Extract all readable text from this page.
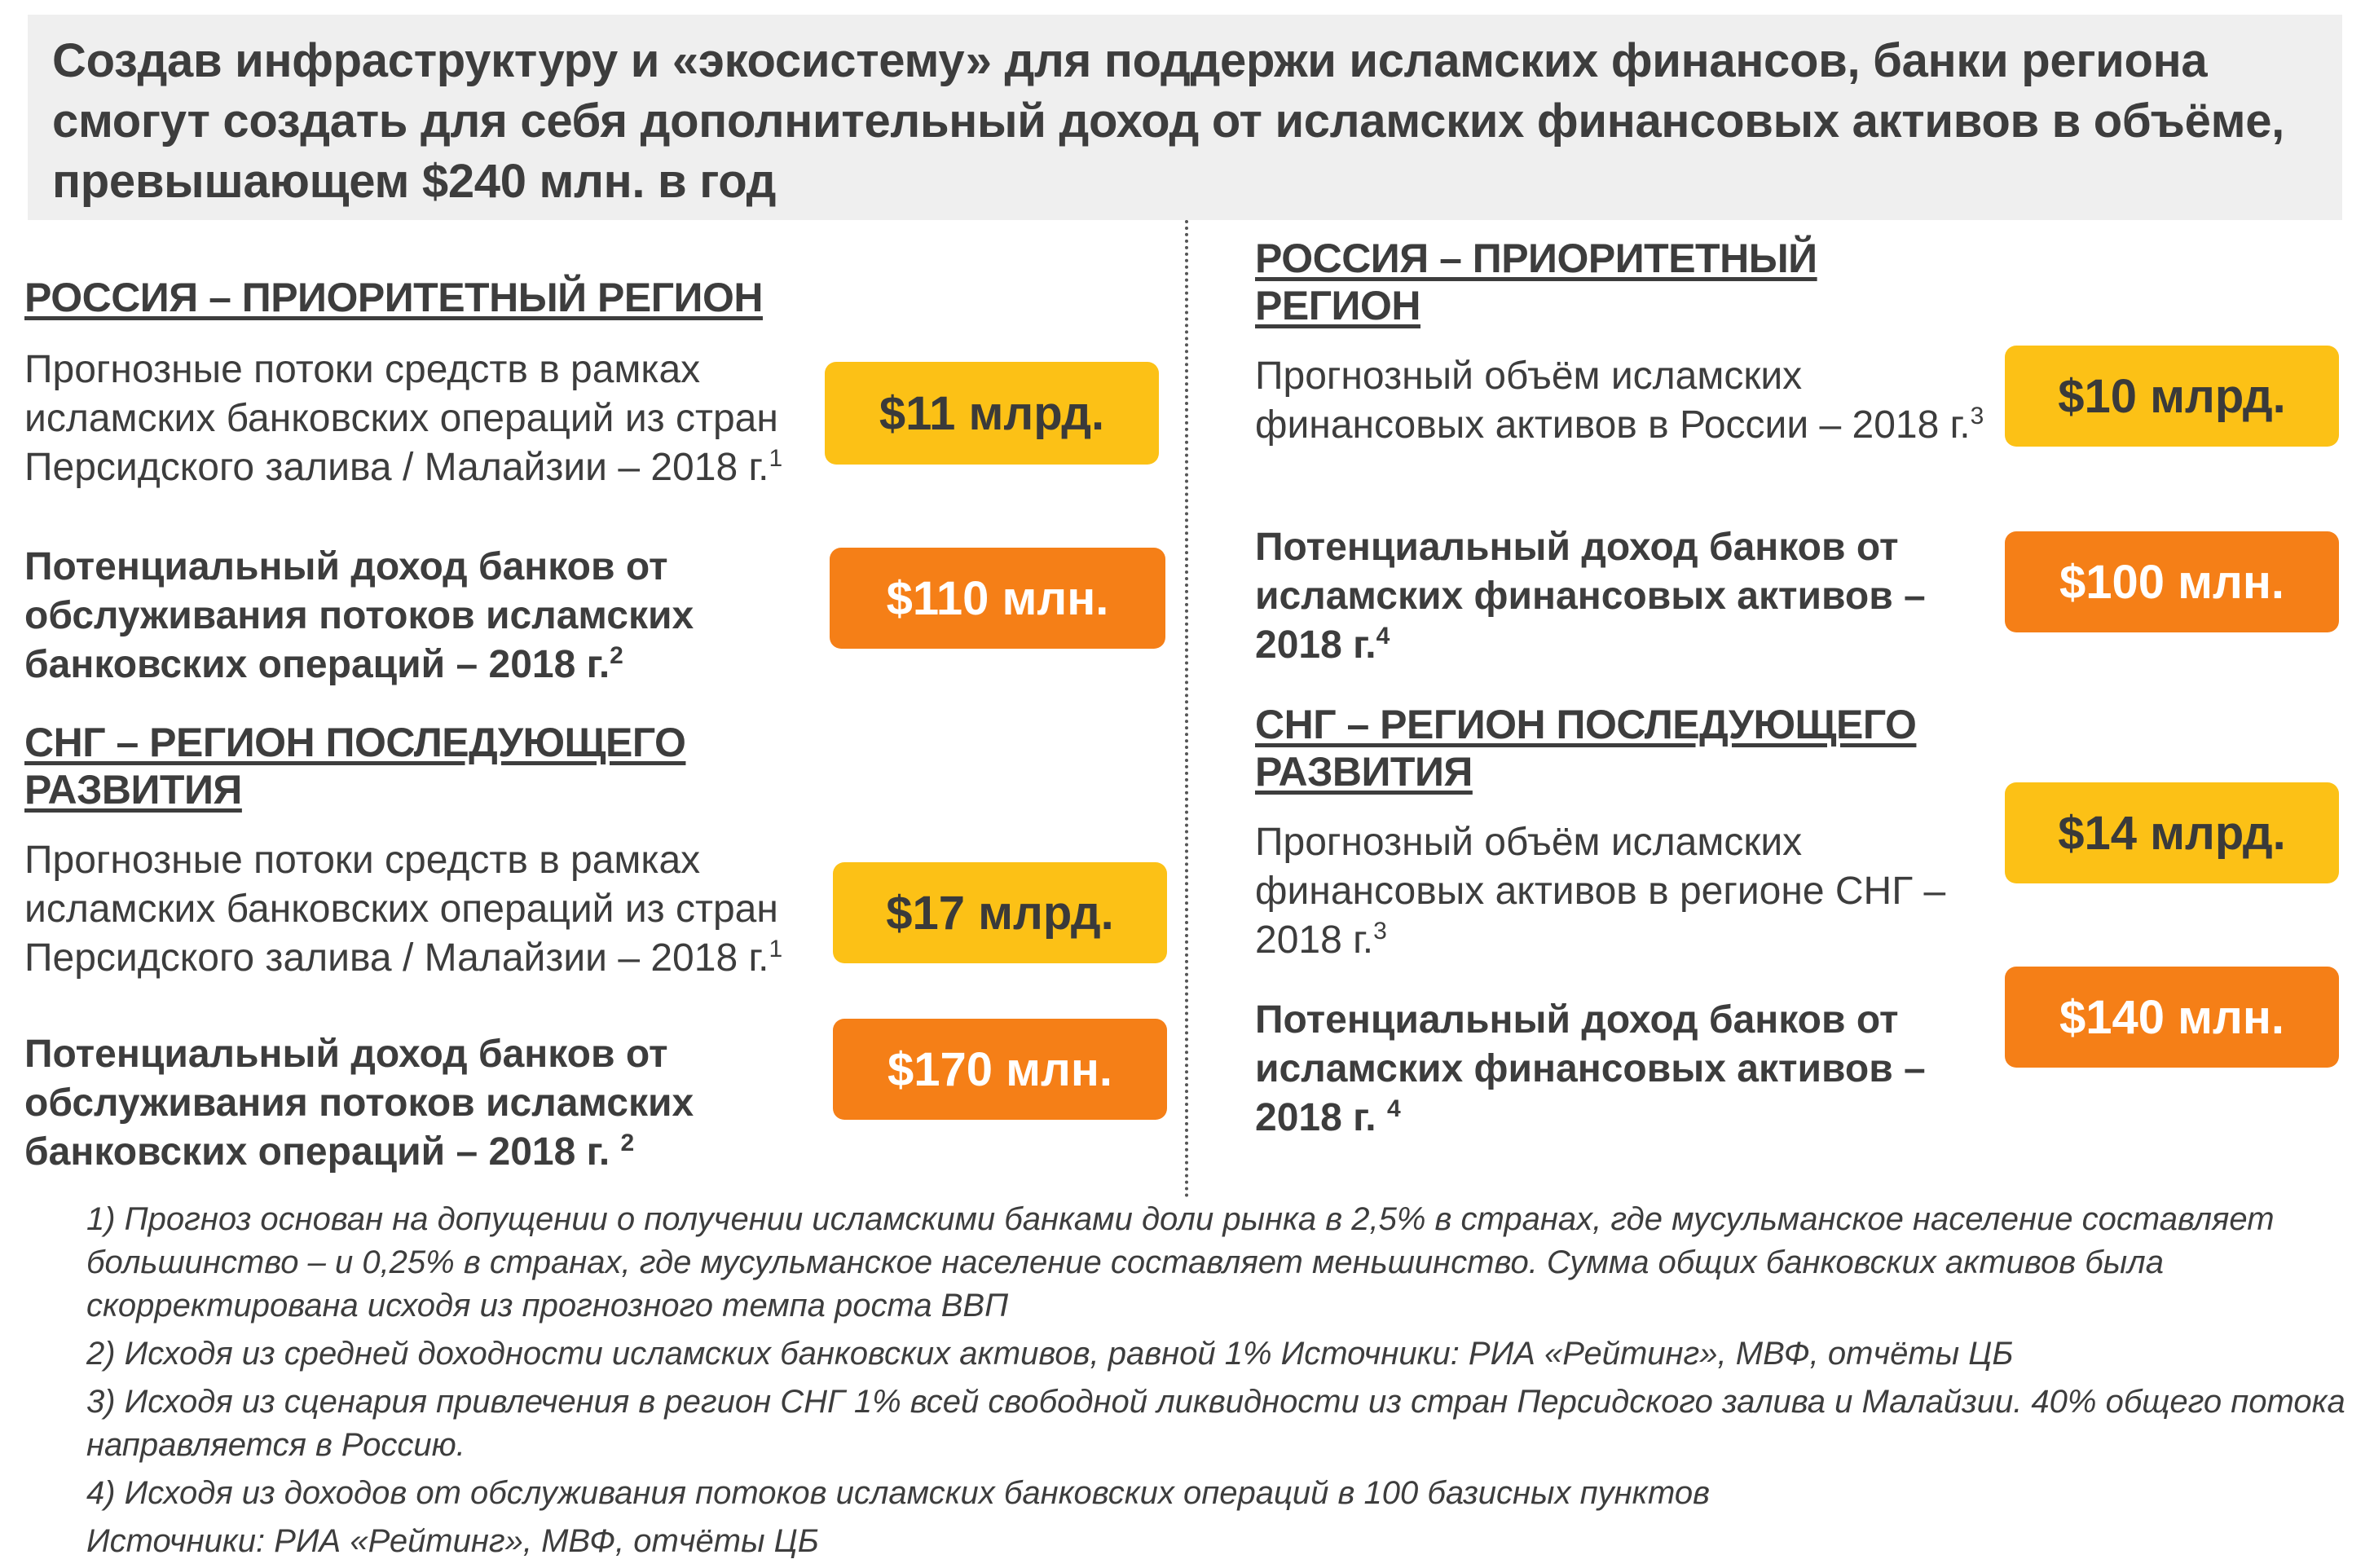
Создав инфраструктуру и «экосистему» для поддержи исламских финансов, банки региона смогут создать для себя дополнительный доход от исламских финансовых активов в объёме, превышающем $240 млн. в год

РОССИЯ – ПРИОРИТЕТНЫЙ РЕГИОН

Прогнозные потоки средств в рамках исламских банковских операций из стран Персидского залива / Малайзии – 2018 г.$^1$

$11 млрд.

Потенциальный доход банков от обслуживания потоков исламских банковских операций – 2018 г.$^2$

$110 млн.

СНГ – РЕГИОН ПОСЛЕДУЮЩЕГО РАЗВИТИЯ

Прогнозные потоки средств в рамках исламских банковских операций из стран Персидского залива / Малайзии – 2018 г.$^1$

$17 млрд.

Потенциальный доход банков от обслуживания потоков исламских банковских операций – 2018 г. $^2$

$170 млн.

РОССИЯ – ПРИОРИТЕТНЫЙ РЕГИОН

Прогнозный объём исламских финансовых активов в России – 2018 г.$^3$	$10 млрд.

Потенциальный доход банков от исламских финансовых активов – 2018 г.$^4$

$100 млн.

СНГ – РЕГИОН ПОСЛЕДУЮЩЕГО РАЗВИТИЯ

Прогнозный объём исламских финансовых активов в регионе СНГ – 2018 г.$^3$

$14 млрд.

Потенциальный доход банков от исламских финансовых активов – 2018 г. $^4$

$140 млн.

1) Прогноз основан на допущении о получении исламскими банками доли рынка в 2,5% в странах, где мусульманское население составляет большинство – и 0,25% в странах, где мусульманское население составляет меньшинство. Сумма общих банковских активов была скорректирована исходя из прогнозного темпа роста ВВП

2) Исходя из средней доходности исламских банковских активов, равной 1% Источники: РИА «Рейтинг», МВФ, отчёты ЦБ

3) Исходя из сценария привлечения в регион СНГ 1% всей свободной ликвидности из стран Персидского залива и Малайзии. 40% общего потока направляется в Россию.

4) Исходя из доходов от обслуживания потоков исламских банковских операций в 100 базисных пунктов

Источники: РИА «Рейтинг», МВФ, отчёты ЦБ
